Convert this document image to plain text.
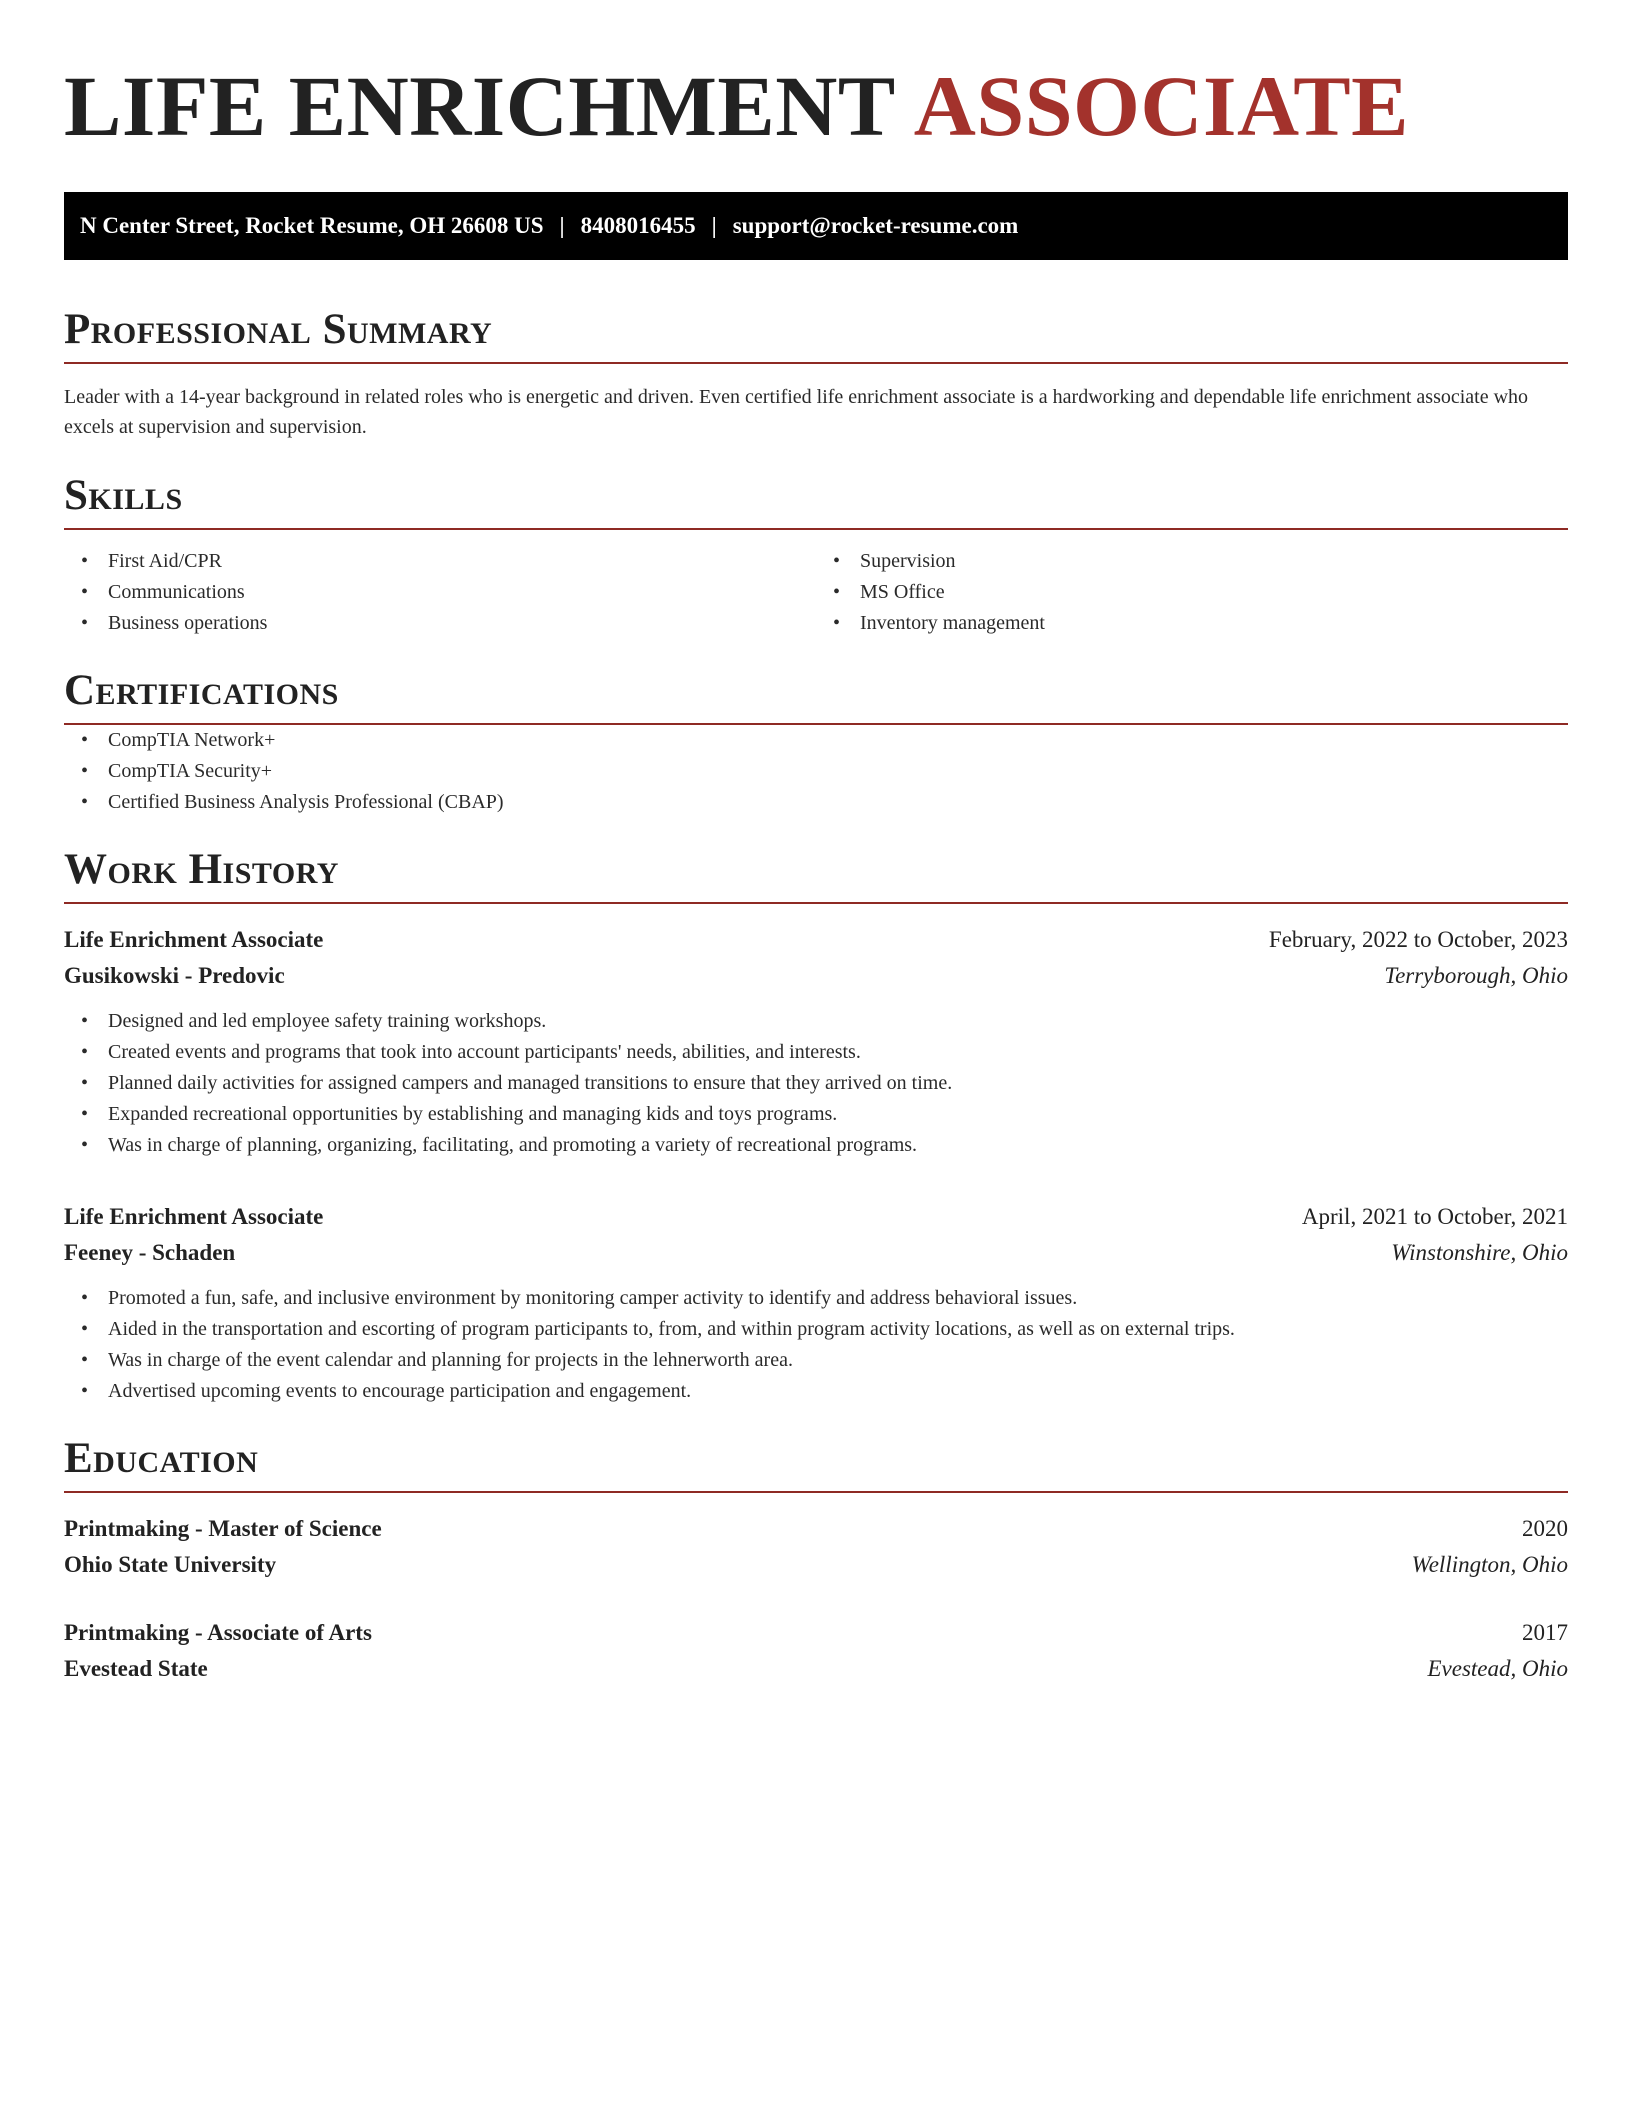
LIFE ENRICHMENT ASSOCIATE
N Center Street, Rocket Resume, OH 26608 US | 8408016455 | support@rocket-resume.com
Professional Summary

Leader with a 14-year background in related roles who is energetic and driven. Even certified life enrichment associate is a hardworking and dependable life enrichment associate who excels at supervision and supervision.

Skills
• First Aid/CPR
• Communications
• Business operations
• Supervision
• MS Office
• Inventory management
Certifications
• CompTIA Network+
• CompTIA Security+
• Certified Business Analysis Professional (CBAP)
Work History
Life Enrichment Associate	February, 2022 to October, 2023
Gusikowski - Predovic	Terryborough, Ohio
• Designed and led employee safety training workshops.
• Created events and programs that took into account participants' needs, abilities, and interests.
• Planned daily activities for assigned campers and managed transitions to ensure that they arrived on time.
• Expanded recreational opportunities by establishing and managing kids and toys programs.
• Was in charge of planning, organizing, facilitating, and promoting a variety of recreational programs.
Life Enrichment Associate	April, 2021 to October, 2021
Feeney - Schaden	Winstonshire, Ohio
• Promoted a fun, safe, and inclusive environment by monitoring camper activity to identify and address behavioral issues.
• Aided in the transportation and escorting of program participants to, from, and within program activity locations, as well as on external trips.
• Was in charge of the event calendar and planning for projects in the lehnerworth area.
• Advertised upcoming events to encourage participation and engagement.
Education
Printmaking - Master of Science	2020
Ohio State University	Wellington, Ohio
Printmaking - Associate of Arts	2017
Evestead State	Evestead, Ohio
